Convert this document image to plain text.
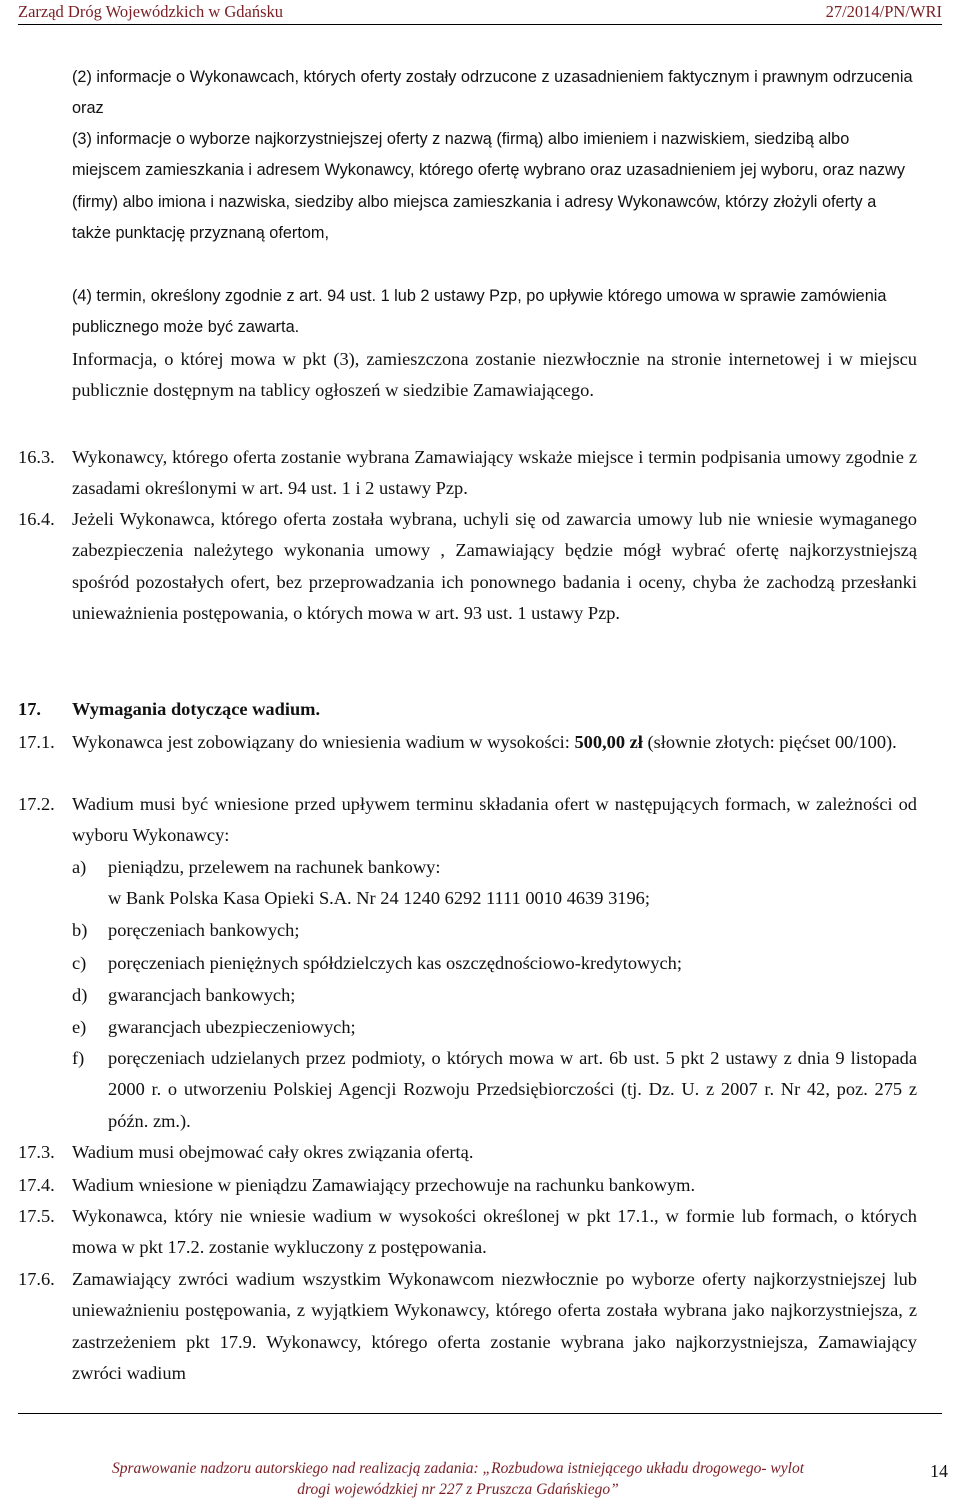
Zarząd Dróg Wojewódzkich w Gdańsku	27/2014/PN/WRI
(2) informacje o Wykonawcach, których oferty zostały odrzucone z uzasadnieniem faktycznym i prawnym odrzucenia oraz
(3) informacje o wyborze najkorzystniejszej oferty z nazwą (firmą) albo imieniem i nazwiskiem, siedzibą albo miejscem zamieszkania i adresem Wykonawcy, którego ofertę wybrano oraz uzasadnieniem jej wyboru, oraz nazwy (firmy) albo imiona i nazwiska, siedziby albo miejsca zamieszkania i adresy Wykonawców, którzy złożyli oferty a także punktację przyznaną ofertom,
(4) termin, określony zgodnie z art. 94 ust. 1 lub 2 ustawy Pzp, po upływie którego umowa w sprawie zamówienia publicznego może być zawarta.
Informacja, o której mowa w pkt (3), zamieszczona zostanie niezwłocznie na stronie internetowej i w miejscu publicznie dostępnym na tablicy ogłoszeń w siedzibie Zamawiającego.
16.3. Wykonawcy, którego oferta zostanie wybrana Zamawiający wskaże miejsce i termin podpisania umowy zgodnie z zasadami określonymi w art. 94 ust. 1 i 2 ustawy Pzp.
16.4. Jeżeli Wykonawca, którego oferta została wybrana, uchyli się od zawarcia umowy lub nie wniesie wymaganego zabezpieczenia należytego wykonania umowy , Zamawiający będzie mógł wybrać ofertę najkorzystniejszą spośród pozostałych ofert, bez przeprowadzania ich ponownego badania i oceny, chyba że zachodzą przesłanki unieważnienia postępowania, o których mowa w art. 93 ust. 1 ustawy Pzp.
17. Wymagania dotyczące wadium.
17.1. Wykonawca jest zobowiązany do wniesienia wadium w wysokości: 500,00 zł (słownie złotych: pięćset 00/100).
17.2. Wadium musi być wniesione przed upływem terminu składania ofert w następujących formach, w zależności od wyboru Wykonawcy:
a) pieniądzu, przelewem na rachunek bankowy:
w Bank Polska Kasa Opieki S.A. Nr 24 1240 6292 1111 0010 4639 3196;
b) poręczeniach bankowych;
c) poręczeniach pieniężnych spółdzielczych kas oszczędnościowo-kredytowych;
d) gwarancjach bankowych;
e) gwarancjach ubezpieczeniowych;
f) poręczeniach udzielanych przez podmioty, o których mowa w art. 6b ust. 5 pkt 2 ustawy z dnia 9 listopada 2000 r. o utworzeniu Polskiej Agencji Rozwoju Przedsiębiorczości (tj. Dz. U. z 2007 r. Nr 42, poz. 275 z późn. zm.).
17.3. Wadium musi obejmować cały okres związania ofertą.
17.4. Wadium wniesione w pieniądzu Zamawiający przechowuje na rachunku bankowym.
17.5. Wykonawca, który nie wniesie wadium w wysokości określonej w pkt 17.1., w formie lub formach, o których mowa w pkt 17.2. zostanie wykluczony z postępowania.
17.6. Zamawiający zwróci wadium wszystkim Wykonawcom niezwłocznie po wyborze oferty najkorzystniejszej lub unieważnieniu postępowania, z wyjątkiem Wykonawcy, którego oferta została wybrana jako najkorzystniejsza, z zastrzeżeniem pkt 17.9. Wykonawcy, którego oferta zostanie wybrana jako najkorzystniejsza, Zamawiający zwróci wadium
Sprawowanie nadzoru autorskiego nad realizacją zadania: „Rozbudowa istniejącego układu drogowego- wylot
drogi wojewódzkiej nr 227 z Pruszcza Gdańskiego”
14
